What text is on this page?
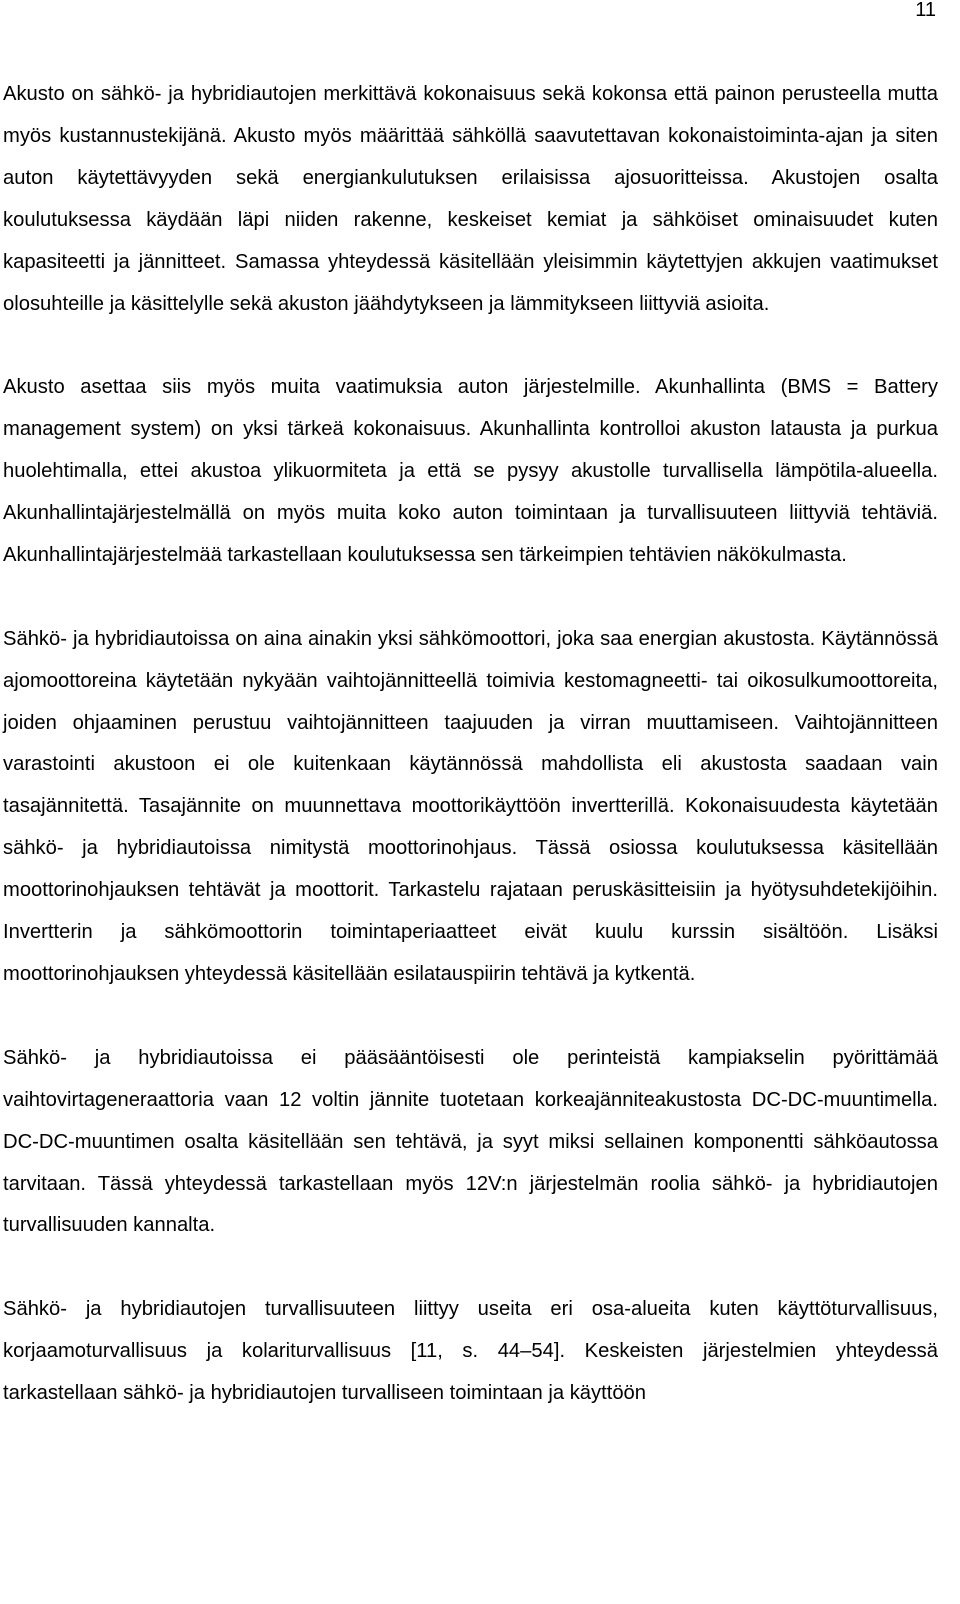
11

Akusto on sähkö- ja hybridiautojen merkittävä kokonaisuus sekä kokonsa että painon perusteella mutta myös kustannustekijänä. Akusto myös määrittää sähköllä saavutettavan kokonaistoiminta-ajan ja siten auton käytettävyyden sekä energiankulutuksen erilaisissa ajosuoritteissa. Akustojen osalta koulutuksessa käydään läpi niiden rakenne, keskeiset kemiat ja sähköiset ominaisuudet kuten kapasiteetti ja jännitteet. Samassa yhteydessä käsitellään yleisimmin käytettyjen akkujen vaatimukset olosuhteille ja käsittelylle sekä akuston jäähdytykseen ja lämmitykseen liittyviä asioita.

Akusto asettaa siis myös muita vaatimuksia auton järjestelmille. Akunhallinta (BMS = Battery management system) on yksi tärkeä kokonaisuus. Akunhallinta kontrolloi akuston latausta ja purkua huolehtimalla, ettei akustoa ylikuormiteta ja että se pysyy akustolle turvallisella lämpötila-alueella. Akunhallintajärjestelmällä on myös muita koko auton toimintaan ja turvallisuuteen liittyviä tehtäviä. Akunhallintajärjestelmää tarkastellaan koulutuksessa sen tärkeimpien tehtävien näkökulmasta.

Sähkö- ja hybridiautoissa on aina ainakin yksi sähkömoottori, joka saa energian akustosta. Käytännössä ajomoottoreina käytetään nykyään vaihtojännitteellä toimivia kestomagneetti- tai oikosulkumoottoreita, joiden ohjaaminen perustuu vaihtojännitteen taajuuden ja virran muuttamiseen. Vaihtojännitteen varastointi akustoon ei ole kuitenkaan käytännössä mahdollista eli akustosta saadaan vain tasajännitettä. Tasajännite on muunnettava moottorikäyttöön invertterillä. Kokonaisuudesta käytetään sähkö- ja hybridiautoissa nimitystä moottorinohjaus. Tässä osiossa koulutuksessa käsitellään moottorinohjauksen tehtävät ja moottorit. Tarkastelu rajataan peruskäsitteisiin ja hyötysuhdetekijöihin. Invertterin ja sähkömoottorin toimintaperiaatteet eivät kuulu kurssin sisältöön. Lisäksi moottorinohjauksen yhteydessä käsitellään esilatauspiirin tehtävä ja kytkentä.

Sähkö- ja hybridiautoissa ei pääsääntöisesti ole perinteistä kampiakselin pyörittämää vaihtovirtageneraattoria vaan 12 voltin jännite tuotetaan korkeajänniteakustosta DC-DC-muuntimella. DC-DC-muuntimen osalta käsitellään sen tehtävä, ja syyt miksi sellainen komponentti sähköautossa tarvitaan. Tässä yhteydessä tarkastellaan myös 12V:n järjestelmän roolia sähkö- ja hybridiautojen turvallisuuden kannalta.

Sähkö- ja hybridiautojen turvallisuuteen liittyy useita eri osa-alueita kuten käyttöturvallisuus, korjaamoturvallisuus ja kolariturvallisuus [11, s. 44–54]. Keskeisten järjestelmien yhteydessä tarkastellaan sähkö- ja hybridiautojen turvalliseen toimintaan ja käyttöön
